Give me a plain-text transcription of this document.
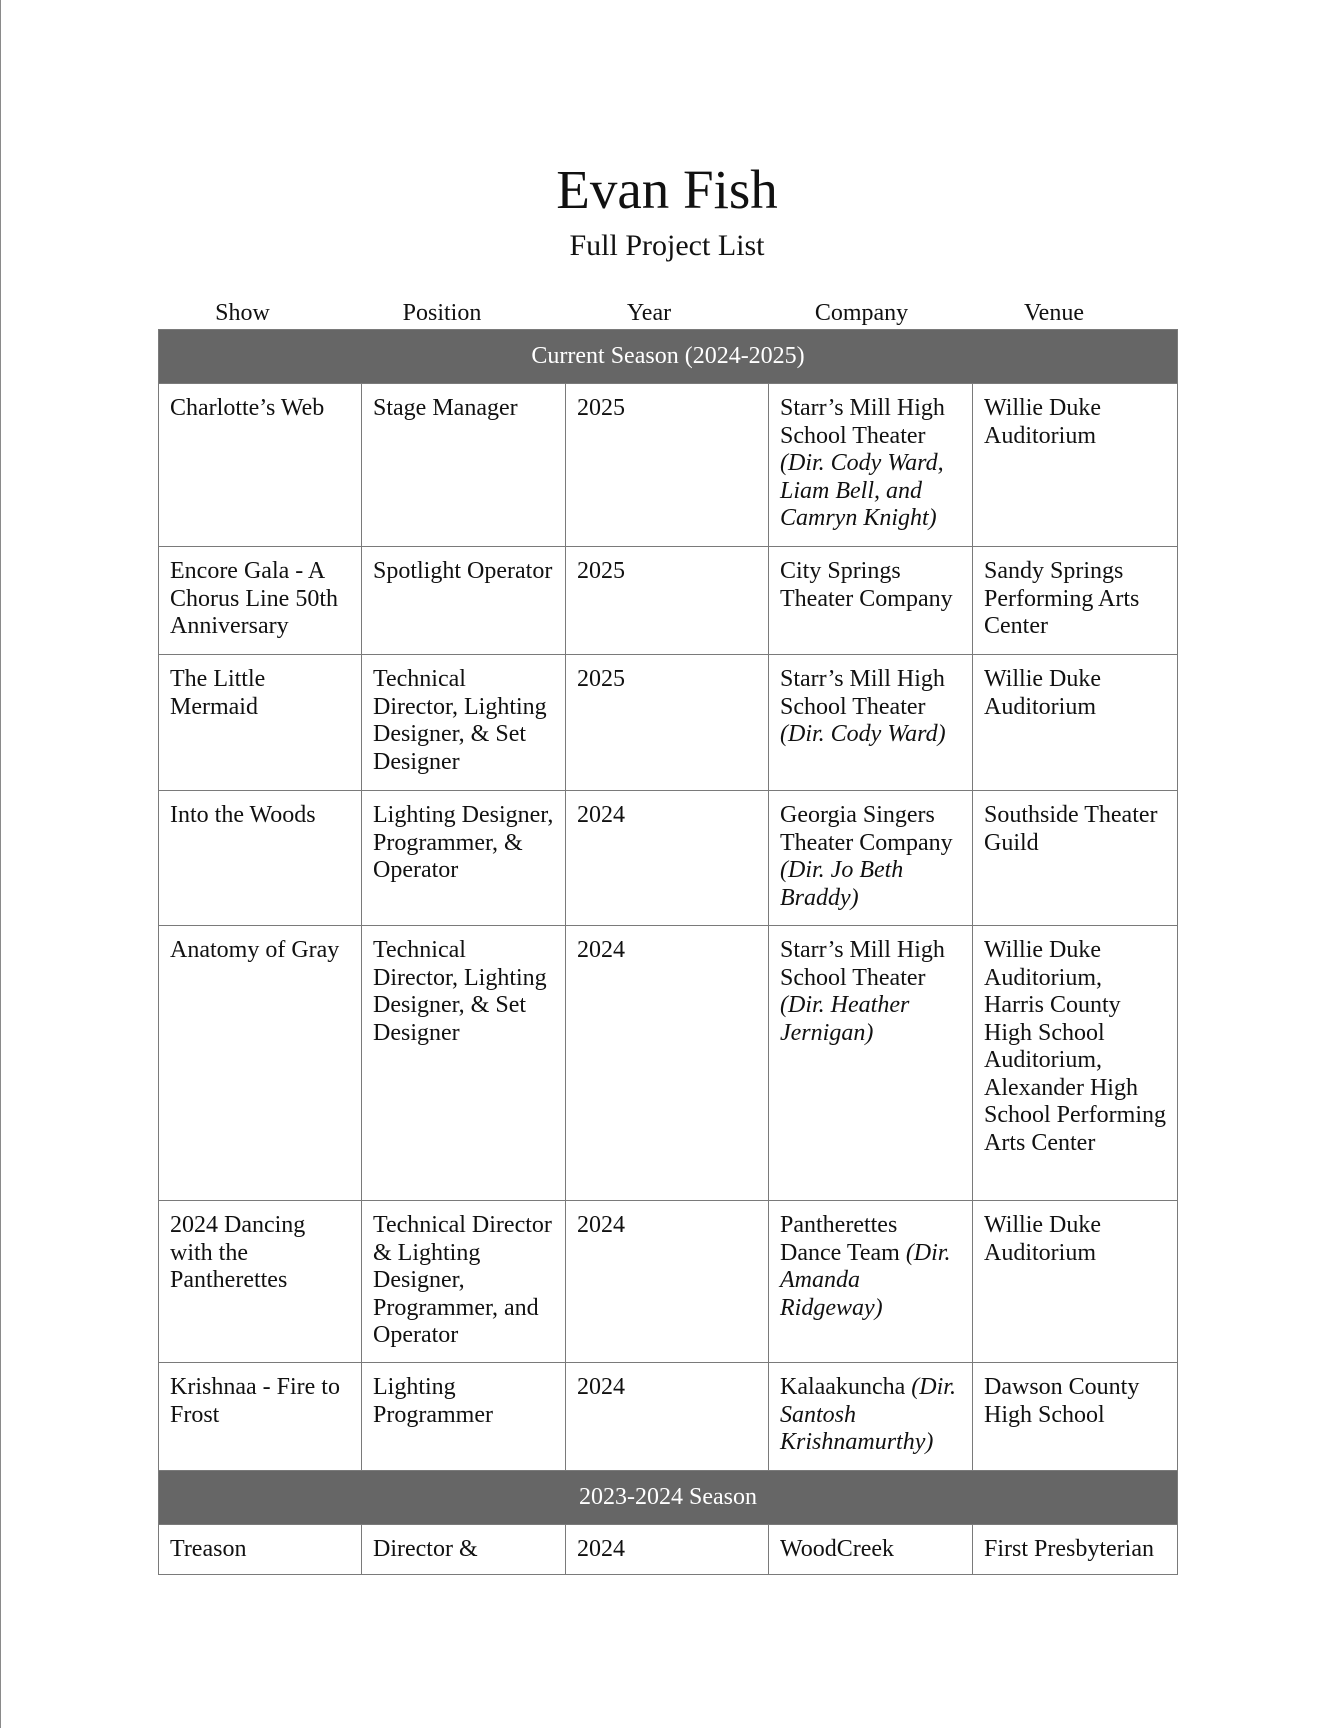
Evan Fish
Full Project List
Show	Position	Year	Company	Venue
Current Season (2024-2025)				
Charlotte’s Web	Stage Manager	2025	Starr’s Mill High School Theater (Dir. Cody Ward, Liam Bell, and Camryn Knight)	Willie Duke Auditorium
Encore Gala - A Chorus Line 50th Anniversary	Spotlight Operator	2025	City Springs Theater Company	Sandy Springs Performing Arts Center
The Little Mermaid	Technical Director, Lighting Designer, & Set Designer	2025	Starr’s Mill High School Theater (Dir. Cody Ward)	Willie Duke Auditorium
Into the Woods	Lighting Designer, Programmer, & Operator	2024	Georgia Singers Theater Company (Dir. Jo Beth Braddy)	Southside Theater Guild
Anatomy of Gray	Technical Director, Lighting Designer, & Set Designer	2024	Starr’s Mill High School Theater (Dir. Heather Jernigan)	Willie Duke Auditorium, Harris County High School Auditorium, Alexander High School Performing Arts Center
2024 Dancing with the Pantherettes	Technical Director & Lighting Designer, Programmer, and Operator	2024	Pantherettes Dance Team (Dir. Amanda Ridgeway)	Willie Duke Auditorium
Krishnaa - Fire to Frost	Lighting Programmer	2024	Kalaakuncha (Dir. Santosh Krishnamurthy)	Dawson County High School
2023-2024 Season				
Treason	Director &	2024	WoodCreek	First Presbyterian
